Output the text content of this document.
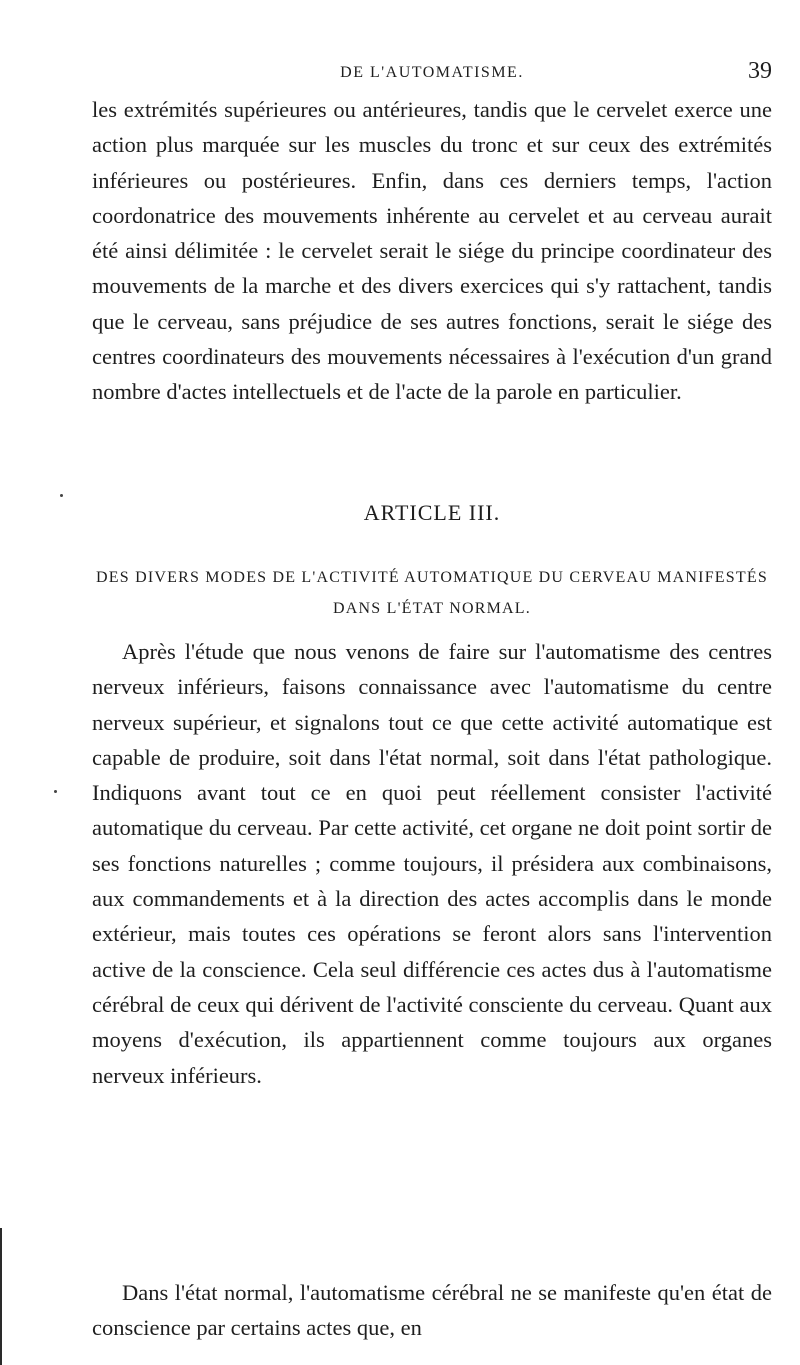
DE L'AUTOMATISME.	39

les extrémités supérieures ou antérieures, tandis que le cervelet exerce une action plus marquée sur les muscles du tronc et sur ceux des extrémités inférieures ou postérieures. Enfin, dans ces derniers temps, l'action coordonatrice des mouvements inhérente au cervelet et au cerveau aurait été ainsi délimitée : le cervelet serait le siége du principe coordinateur des mouvements de la marche et des divers exercices qui s'y rattachent, tandis que le cerveau, sans préjudice de ses autres fonctions, serait le siége des centres coordinateurs des mouvements nécessaires à l'exécution d'un grand nombre d'actes intellectuels et de l'acte de la parole en particulier.

ARTICLE III.
DES DIVERS MODES DE L'ACTIVITÉ AUTOMATIQUE DU CERVEAU MANIFESTÉS DANS L'ÉTAT NORMAL.

Après l'étude que nous venons de faire sur l'automatisme des centres nerveux inférieurs, faisons connaissance avec l'automatisme du centre nerveux supérieur, et signalons tout ce que cette activité automatique est capable de produire, soit dans l'état normal, soit dans l'état pathologique. Indiquons avant tout ce en quoi peut réellement consister l'activité automatique du cerveau. Par cette activité, cet organe ne doit point sortir de ses fonctions naturelles ; comme toujours, il présidera aux combinaisons, aux commandements et à la direction des actes accomplis dans le monde extérieur, mais toutes ces opérations se feront alors sans l'intervention active de la conscience. Cela seul différencie ces actes dus à l'automatisme cérébral de ceux qui dérivent de l'activité consciente du cerveau. Quant aux moyens d'exécution, ils appartiennent comme toujours aux organes nerveux inférieurs.

Dans l'état normal, l'automatisme cérébral ne se manifeste qu'en état de conscience par certains actes que, en
